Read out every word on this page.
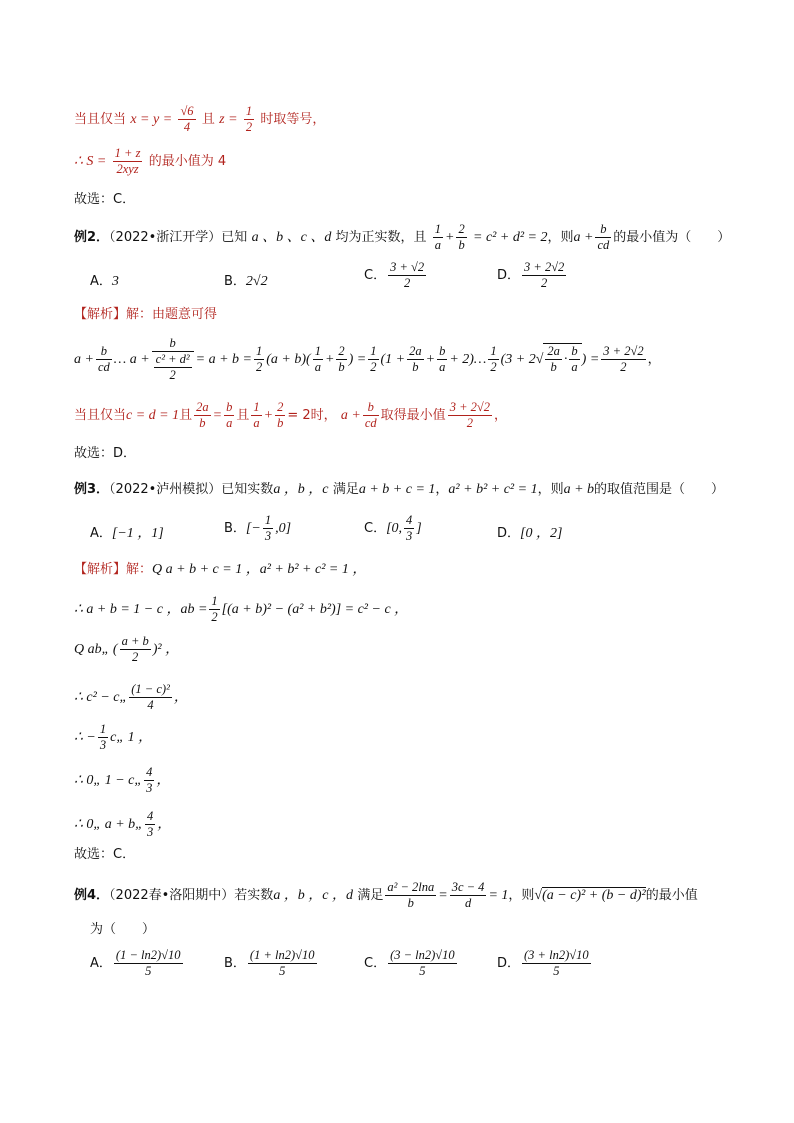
当且仅当 $x = y = \frac{√6}{4}$ 且 $z = \frac{1}{2}$ 时取等号，
∴ $S = \frac{1 + z}{\text{2xyz}}$ 的最小值为 4
故选：C．
例2．（2022•浙江开学）已知 a 、b 、c 、d 均为正实数，且 $\frac{1}{a} + \frac{2}{b} = c^2 + d^2 = 2$，则$a + \frac{b}{cd}$ 的最小值为（　　）
A．3	B．2√2	C． $\frac{3 + √2}{2}$	D． $\frac{3 + 2√2}{2}$
【解析】解：由题意可得
$a + \frac{b}{cd}$ … $a + \frac{b}{\frac{\text{c² + d²}}{2}} = a + b = \frac{1}{2} (a + b)( \frac{1}{a} + \frac{2}{b}$ ) = $\frac{1}{2} (1 + \frac{2a}{b} + \frac{b}{a}$ + 2)… $\frac{1}{2} (3 + 2√ \frac{2a}{b} \cdot \frac{b}{a}$ ) = $\frac{3 + 2√2}{2}$ ，
当且仅当c = d = 1且 $\frac{2a}{b} = \frac{b}{a}$ 且 $\frac{1}{a} + \frac{2}{b} = 2$时， $a + \frac{b}{cd}$ 取得最小值 $\frac{3 + 2√2}{2}$ ，
故选：D．
例3．（2022•泸州模拟）已知实数a ，b ，c 满足a + b + c = 1，a² + b² + c² = 1，则a + b的取值范围是（　　）
A．[−1 ，1]	B．[− $\frac{1}{3} ,0$]	C．[0, $\frac{4}{3}$ ]	D．[0 ，2]
【解析】解：Q a + b + c = 1 ，a² + b² + c² = 1 ，
∴ a + b = 1 − c ，ab = $\frac{1}{2} [(a + b)^2 - (a^2 + b^2)] = c^2 - c$ ，
Q ab„ ( $\frac{a + b}{2} )^2$ ，
∴ c² − c„ $\frac{\text{(1 − c)²}}{4}$ ，
∴ − $\frac{1}{3}$ c„ 1 ，
∴ 0„ 1 − c„ $\frac{4}{3}$ ，
∴ 0„ a + b„ $\frac{4}{3}$ ，
故选：C．
例4．（2022春•洛阳期中）若实数a ，b ，c ，d 满足 $\frac{\text{a² − 2lna}}{b} = \frac{3c - 4}{d} = 1$，则√(a − c)² + (b − d)²的最小值
为（　　）
A． $\frac{(1 - \ln 2)√10}{5}$	B． $\frac{(1 + \ln 2)√10}{5}$	C． $\frac{(3 - \ln 2)√10}{5}$	D． $\frac{(3 + \ln 2)√10}{5}$
